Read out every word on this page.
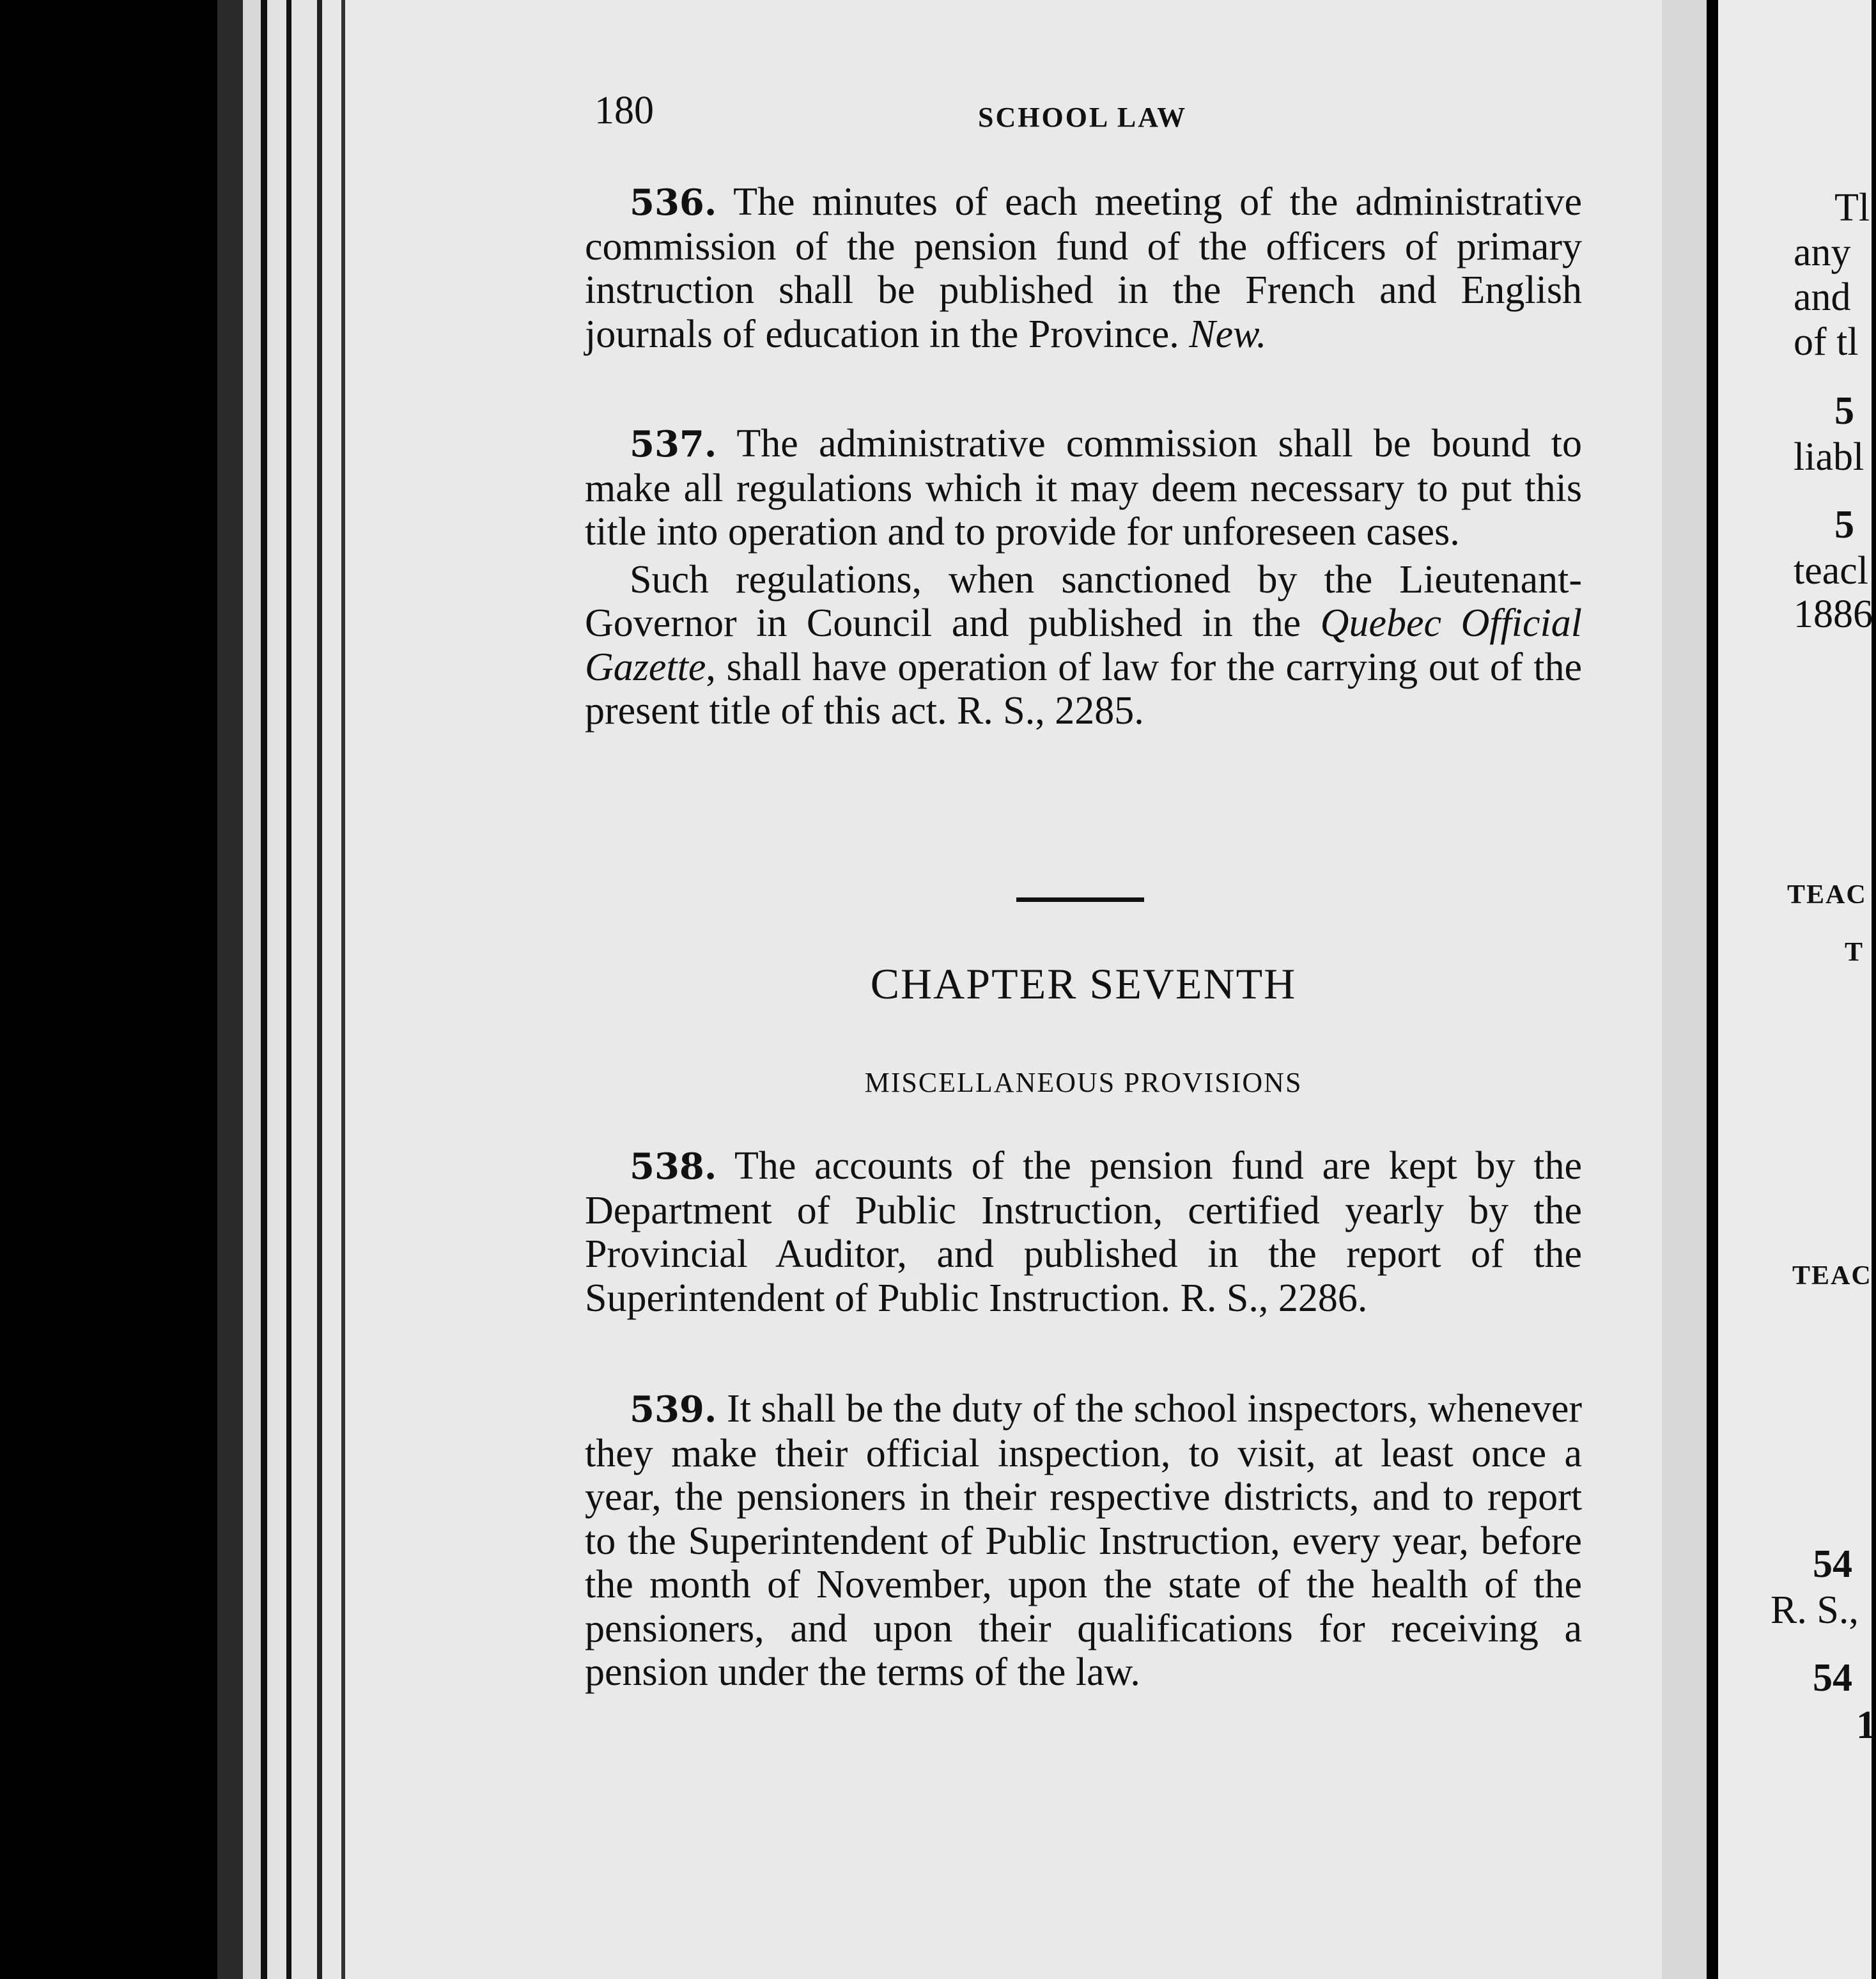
180	SCHOOL LAW

536. The minutes of each meeting of the administrative commission of the pension fund of the officers of primary instruction shall be published in the French and English journals of education in the Province. New.

537. The administrative commission shall be bound to make all regulations which it may deem necessary to put this title into operation and to provide for unforeseen cases.

Such regulations, when sanctioned by the Lieutenant-Governor in Council and published in the Quebec Official Gazette, shall have operation of law for the carrying out of the present title of this act. R. S., 2285.

CHAPTER SEVENTH
MISCELLANEOUS PROVISIONS

538. The accounts of the pension fund are kept by the Department of Public Instruction, certified yearly by the Provincial Auditor, and published in the report of the Superintendent of Public Instruction. R. S., 2286.

539. It shall be the duty of the school inspectors, whenever they make their official inspection, to visit, at least once a year, the pensioners in their respective districts, and to report to the Superintendent of Public Instruction, every year, before the month of November, upon the state of the health of the pensioners, and upon their qualifications for receiving a pension under the terms of the law.

Tl
any
and
of tl
5
liabl
5
teacl
1886
TEAC
T
TEAC
54
R. S.,
54
1
